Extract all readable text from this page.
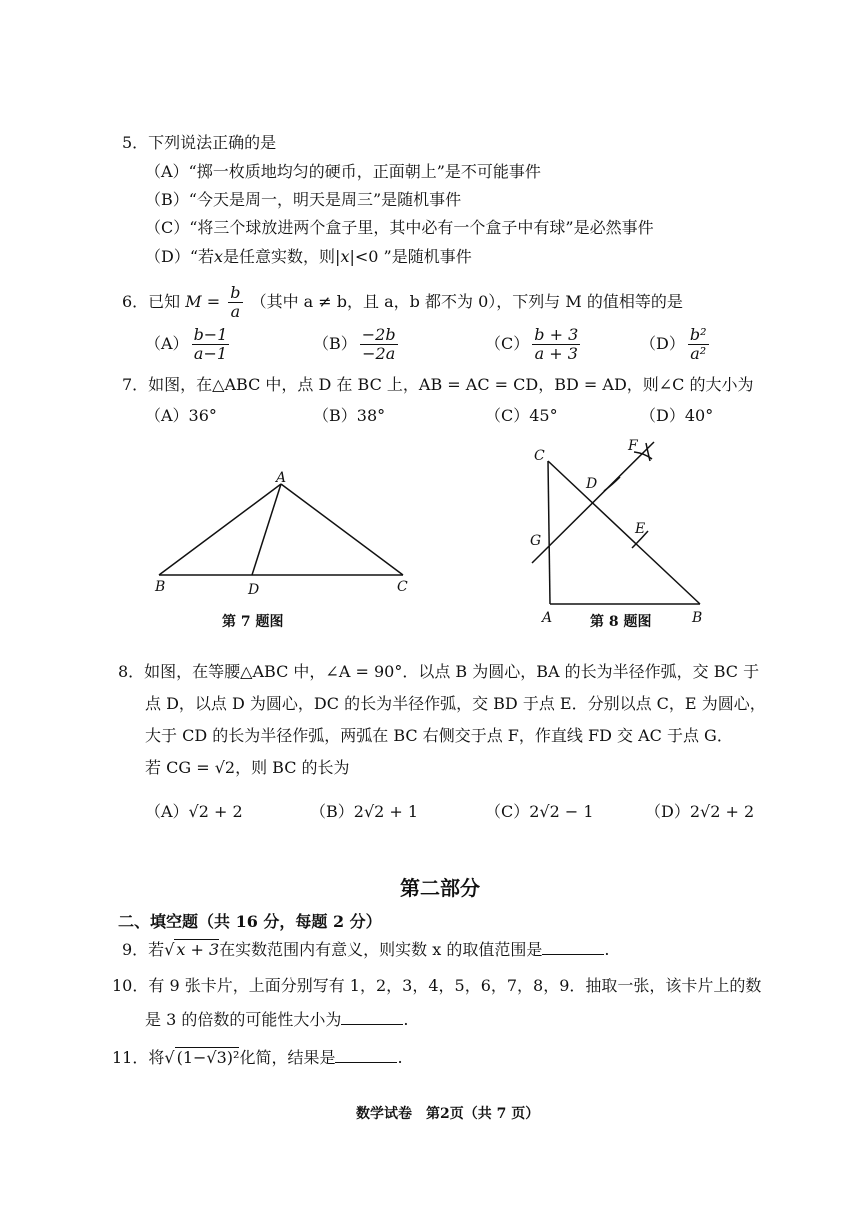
5．下列说法正确的是
（A）“掷一枚质地均匀的硬币，正面朝上”是不可能事件
（B）“今天是周一，明天是周三”是随机事件
（C）“将三个球放进两个盒子里，其中必有一个盒子中有球”是必然事件
（D）“若x是任意实数，则|x|<0 ”是随机事件
6．已知 $M = \frac{b}{a}$ （其中 a ≠ b，且 a，b 都不为 0），下列与 M 的值相等的是
$(A) \frac{b-1}{a-1}$	$(B) \frac{-2b}{-2a}$	$(C) \frac{b + 3}{a + 3}$	$(D) \frac{\text{b²}}{\text{a²}}$
7．如图，在△ABC 中，点 D 在 BC 上，AB = AC = CD，BD = AD，则∠C 的大小为
（A）36°	（B）38°	（C）45°	（D）40°
A
B	D	C
第 7 题图
C
F
D
E
G
A	B
第 8 题图
8．如图，在等腰△ABC 中，∠A = 90°．以点 B 为圆心，BA 的长为半径作弧，交 BC 于
点 D，以点 D 为圆心，DC 的长为半径作弧，交 BD 于点 E．分别以点 C，E 为圆心，
大于 CD 的长为半径作弧，两弧在 BC 右侧交于点 F，作直线 FD 交 AC 于点 G．
若 CG = √2，则 BC 的长为
（A）√2 + 2	（B）2√2 + 1	（C）2√2 − 1	（D）2√2 + 2
第二部分
二、填空题（共 16 分，每题 2 分）
9．若√ x + 3在实数范围内有意义，则实数 x 的取值范围是	.
10．有 9 张卡片，上面分别写有 1，2，3，4，5，6，7，8，9．抽取一张，该卡片上的数
是 3 的倍数的可能性大小为	.
11．将√ (1−√3)²化简，结果是	.
数学试卷　第2页（共 7 页）
